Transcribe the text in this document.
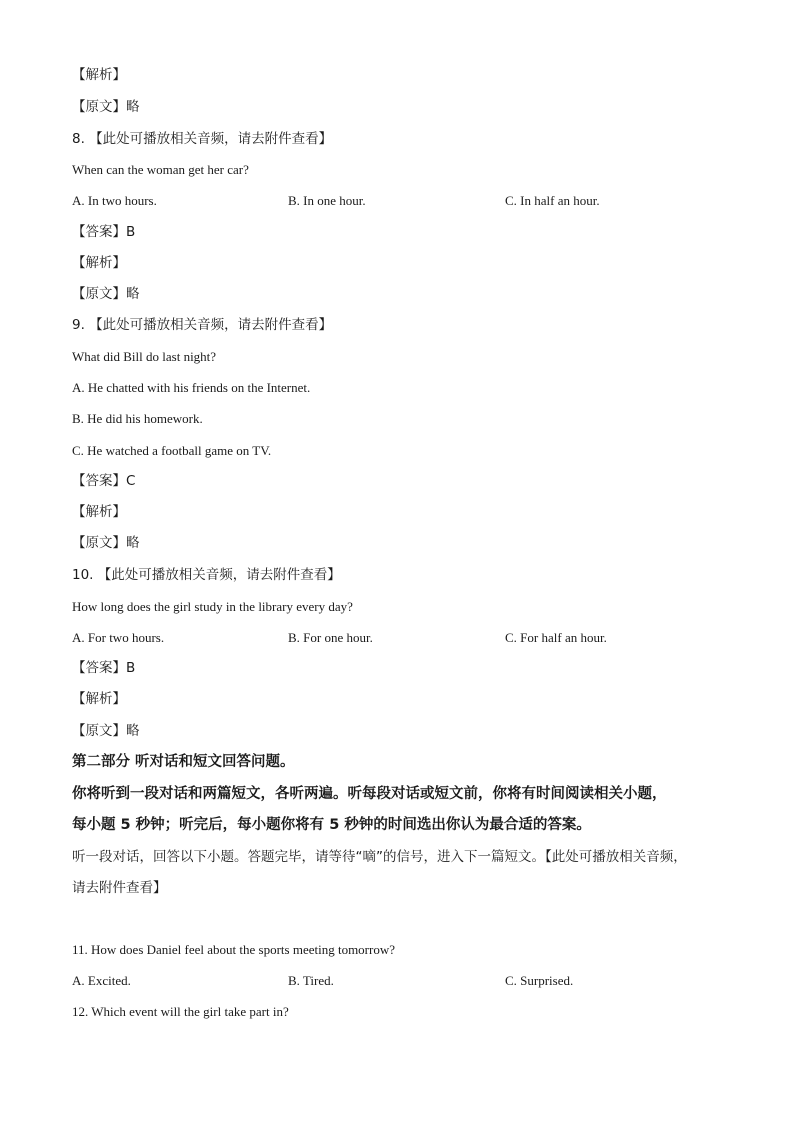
【解析】
【原文】略
8. 【此处可播放相关音频，请去附件查看】
When can the woman get her car?
A. In two hours.	B. In one hour.	C. In half an hour.
【答案】B
【解析】
【原文】略
9. 【此处可播放相关音频，请去附件查看】
What did Bill do last night?
A. He chatted with his friends on the Internet.
B. He did his homework.
C. He watched a football game on TV.
【答案】C
【解析】
【原文】略
10. 【此处可播放相关音频，请去附件查看】
How long does the girl study in the library every day?
A. For two hours.	B. For one hour.	C. For half an hour.
【答案】B
【解析】
【原文】略
第二部分 听对话和短文回答问题。
你将听到一段对话和两篇短文，各听两遍。听每段对话或短文前，你将有时间阅读相关小题，
每小题 5 秒钟；听完后，每小题你将有 5 秒钟的时间选出你认为最合适的答案。
听一段对话，回答以下小题。答题完毕，请等待“嘀”的信号，进入下一篇短文。【此处可播放相关音频，
请去附件查看】
11. How does Daniel feel about the sports meeting tomorrow?
A. Excited.	B. Tired.	C. Surprised.
12. Which event will the girl take part in?
